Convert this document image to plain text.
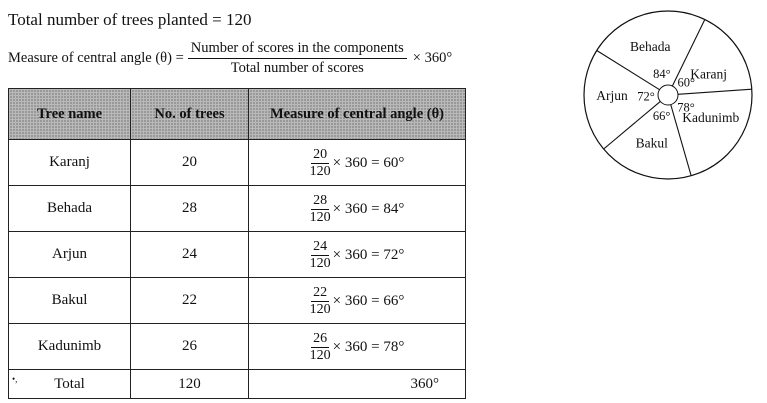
Total number of trees planted = 120
Measure of central angle $(\theta) = \frac{\text{Number of scores in the components}}{\text{Total number of scores}} \times 360^\circ$
Tree name	No. of trees	Measure of central angle (θ)
Karanj	20	$\frac{20}{120} \times 360 = 60^\circ$

Behada	28	$\frac{28}{120} \times 360 = 84^\circ$

Arjun	24	$\frac{24}{120} \times 360 = 72^\circ$

Bakul	22	$\frac{22}{120} \times 360 = 66^\circ$

Kadunimb	26	$\frac{26}{120} \times 360 = 78^\circ$

Total	120	360°
•,
Karanj
60°
Kadunimb
78°
Bakul
66°
Arjun 72°
Behada
84°
